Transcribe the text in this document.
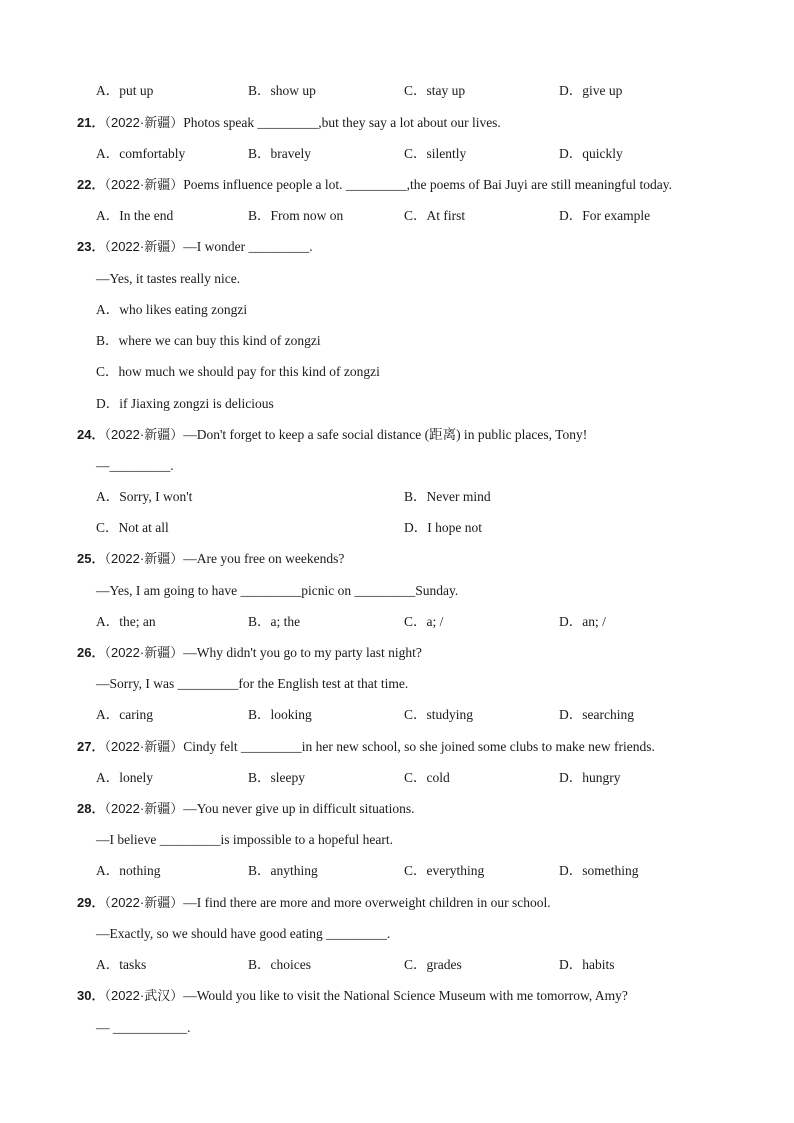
A．put up	B．show up	C．stay up	D．give up
21．（2022·新疆）Photos speak _________,but they say a lot about our lives.
A．comfortably	B．bravely	C．silently	D．quickly
22．（2022·新疆）Poems influence people a lot. _________,the poems of Bai Juyi are still meaningful today.
A．In the end	B．From now on	C．At first	D．For example
23．（2022·新疆）—I wonder _________.
—Yes, it tastes really nice.
A．who likes eating zongzi
B．where we can buy this kind of zongzi
C．how much we should pay for this kind of zongzi
D．if Jiaxing zongzi is delicious
24．（2022·新疆）—Don't forget to keep a safe social distance (距离) in public places, Tony!
—_________.
A．Sorry, I won't	B．Never mind
C．Not at all	D．I hope not
25．（2022·新疆）—Are you free on weekends?
—Yes, I am going to have _________picnic on _________Sunday.
A．the; an	B．a; the	C．a; /	D．an; /
26．（2022·新疆）—Why didn't you go to my party last night?
—Sorry, I was _________for the English test at that time.
A．caring	B．looking	C．studying	D．searching
27．（2022·新疆）Cindy felt _________in her new school, so she joined some clubs to make new friends.
A．lonely	B．sleepy	C．cold	D．hungry
28．（2022·新疆）—You never give up in difficult situations.
—I believe _________is impossible to a hopeful heart.
A．nothing	B．anything	C．everything	D．something
29．（2022·新疆）—I find there are more and more overweight children in our school.
—Exactly, so we should have good eating _________.
A．tasks	B．choices	C．grades	D．habits
30．（2022·武汉）—Would you like to visit the National Science Museum with me tomorrow, Amy?
— ___________.
